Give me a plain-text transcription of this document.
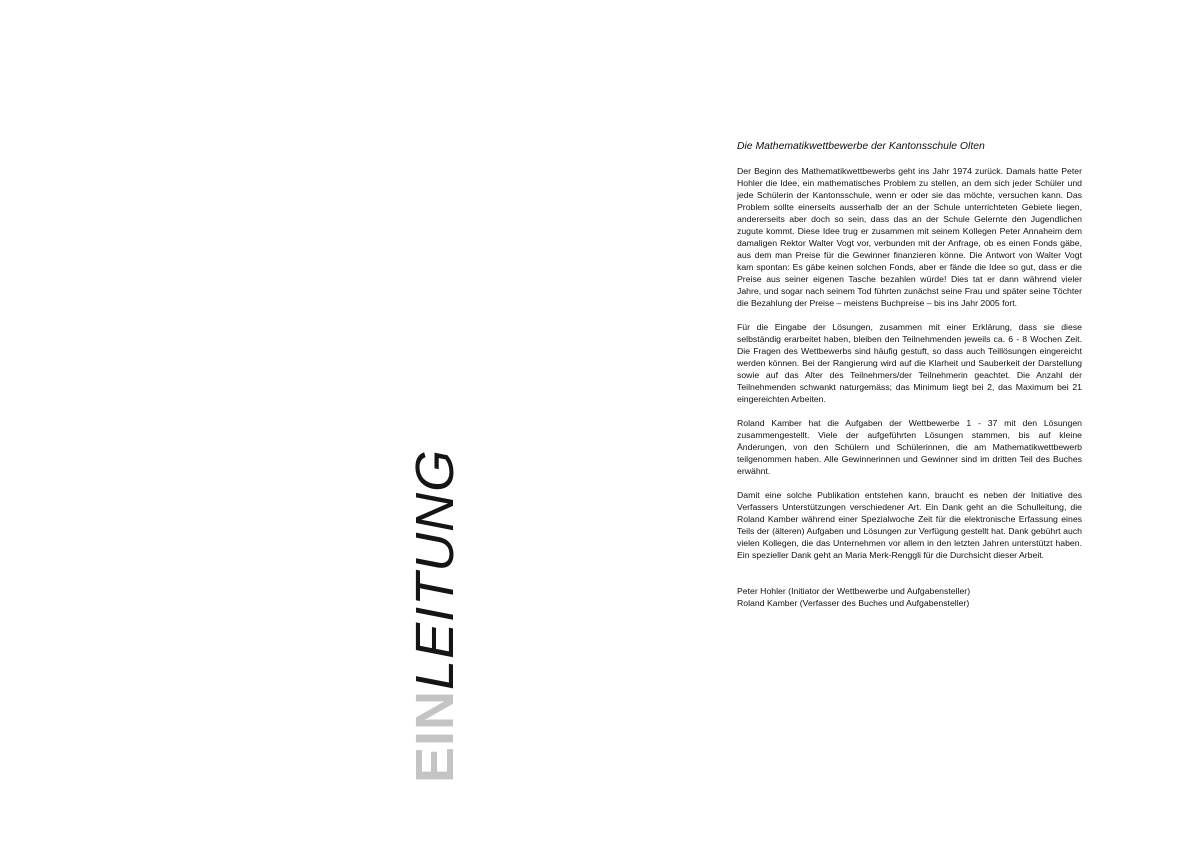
EINLEITUNG
Die Mathematikwettbewerbe der Kantonsschule Olten

Der Beginn des Mathematikwettbewerbs geht ins Jahr 1974 zurück. Damals hatte Peter Hohler die Idee, ein mathematisches Problem zu stellen, an dem sich jeder Schüler und jede Schülerin der Kantonsschule, wenn er oder sie das möchte, versuchen kann. Das Problem sollte einerseits ausserhalb der an der Schule unterrichteten Gebiete liegen, andererseits aber doch so sein, dass das an der Schule Gelernte den Jugendlichen zugute kommt. Diese Idee trug er zusammen mit seinem Kollegen Peter Annaheim dem damaligen Rektor Walter Vogt vor, verbunden mit der Anfrage, ob es einen Fonds gäbe, aus dem man Preise für die Gewinner finanzieren könne. Die Antwort von Walter Vogt kam spontan: Es gäbe keinen solchen Fonds, aber er fände die Idee so gut, dass er die Preise aus seiner eigenen Tasche bezahlen würde! Dies tat er dann während vieler Jahre, und sogar nach seinem Tod führten zunächst seine Frau und später seine Töchter die Bezahlung der Preise – meistens Buchpreise – bis ins Jahr 2005 fort.

Für die Eingabe der Lösungen, zusammen mit einer Erklärung, dass sie diese selbständig erarbeitet haben, bleiben den Teilnehmenden jeweils ca. 6 - 8 Wochen Zeit. Die Fragen des Wettbewerbs sind häufig gestuft, so dass auch Teillösungen eingereicht werden können. Bei der Rangierung wird auf die Klarheit und Sauberkeit der Darstellung sowie auf das Alter des Teilnehmers/der Teilnehmerin geachtet. Die Anzahl der Teilnehmenden schwankt naturgemäss; das Minimum liegt bei 2, das Maximum bei 21 eingereichten Arbeiten.

Roland Kamber hat die Aufgaben der Wettbewerbe 1 - 37 mit den Lösungen zusammengestellt. Viele der aufgeführten Lösungen stammen, bis auf kleine Änderungen, von den Schülern und Schülerinnen, die am Mathematikwettbewerb teilgenommen haben. Alle Gewinnerinnen und Gewinner sind im dritten Teil des Buches erwähnt.

Damit eine solche Publikation entstehen kann, braucht es neben der Initiative des Verfassers Unterstützungen verschiedener Art. Ein Dank geht an die Schulleitung, die Roland Kamber während einer Spezialwoche Zeit für die elektronische Erfassung eines Teils der (älteren) Aufgaben und Lösungen zur Verfügung gestellt hat. Dank gebührt auch vielen Kollegen, die das Unternehmen vor allem in den letzten Jahren unterstützt haben. Ein spezieller Dank geht an Maria Merk-Renggli für die Durchsicht dieser Arbeit.

Peter Hohler (Initiator der Wettbewerbe und Aufgabensteller)
Roland Kamber (Verfasser des Buches und Aufgabensteller)
